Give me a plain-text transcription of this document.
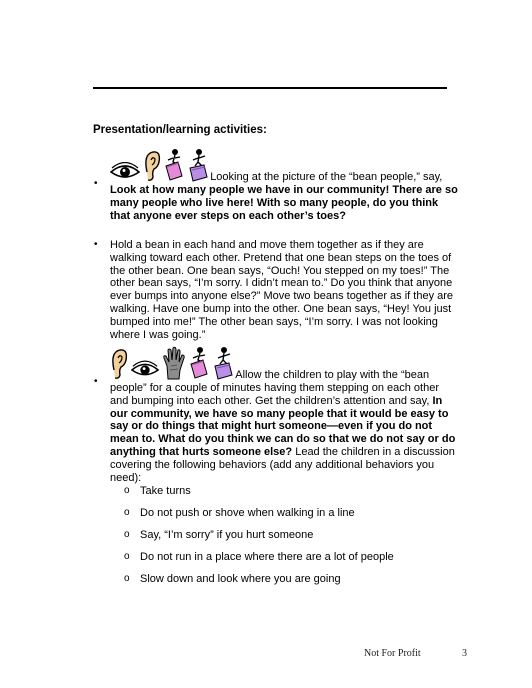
Presentation/learning activities:
•
Looking at the picture of the “bean people,” say, Look at how many people we have in our community! There are so many people who live here! With so many people, do you think that anyone ever steps on each other’s toes?
• Hold a bean in each hand and move them together as if they are walking toward each other. Pretend that one bean steps on the toes of the other bean. One bean says, “Ouch! You stepped on my toes!” The other bean says, “I’m sorry. I didn’t mean to.” Do you think that anyone ever bumps into anyone else?” Move two beans together as if they are walking. Have one bump into the other. One bean says, “Hey! You just bumped into me!” The other bean says, “I’m sorry. I was not looking where I was going.”
•
Allow the children to play with the “bean people” for a couple of minutes having them stepping on each other and bumping into each other. Get the children’s attention and say, In our community, we have so many people that it would be easy to say or do things that might hurt someone—even if you do not mean to. What do you think we can do so that we do not say or do anything that hurts someone else? Lead the children in a discussion covering the following behaviors (add any additional behaviors you need):
o Take turns
o Do not push or shove when walking in a line
o Say, “I’m sorry” if you hurt someone
o Do not run in a place where there are a lot of people
o Slow down and look where you are going
Not For Profit	3
